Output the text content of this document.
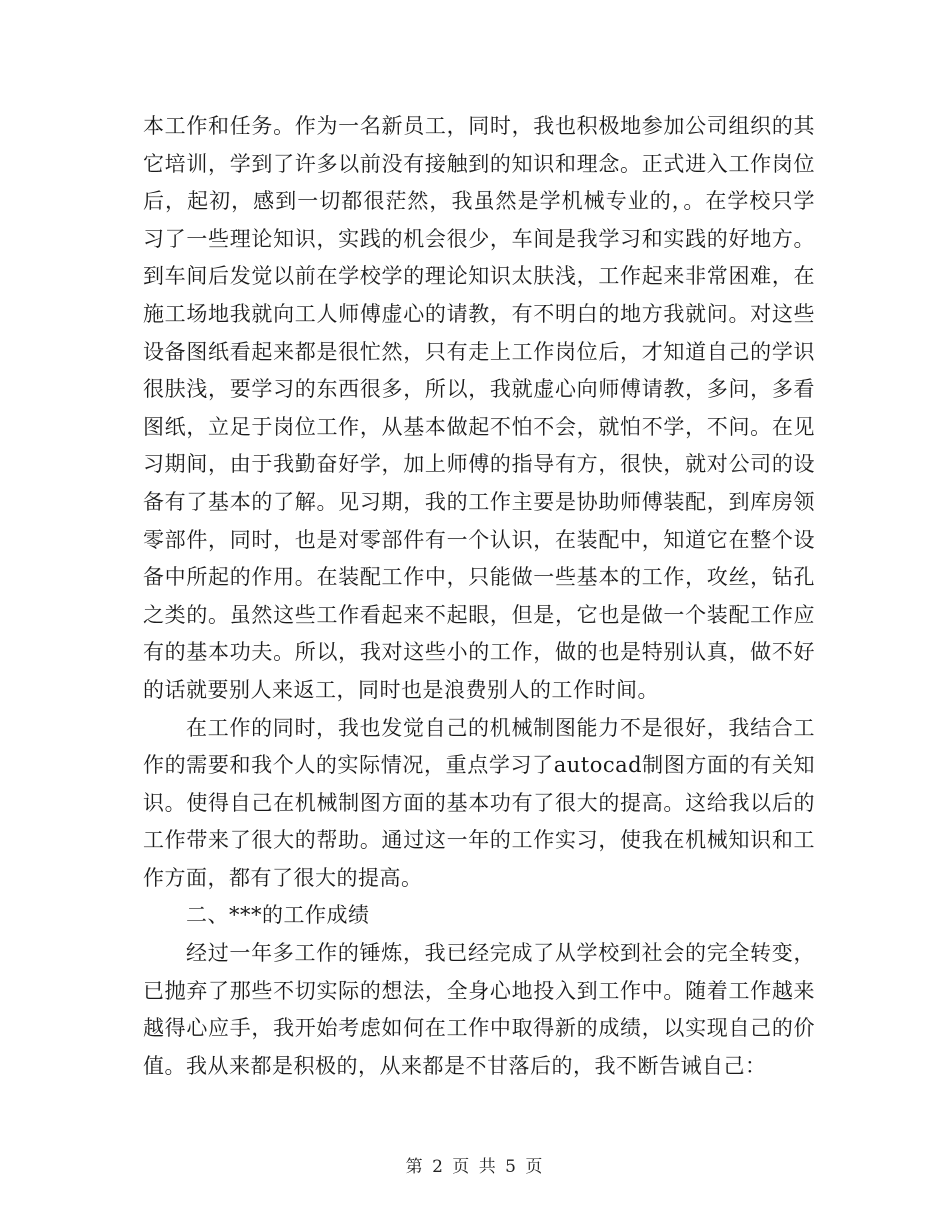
本工作和任务。作为一名新员工，同时，我也积极地参加公司组织的其它培训，学到了许多以前没有接触到的知识和理念。正式进入工作岗位后，起初，感到一切都很茫然，我虽然是学机械专业的，。在学校只学习了一些理论知识，实践的机会很少，车间是我学习和实践的好地方。到车间后发觉以前在学校学的理论知识太肤浅，工作起来非常困难，在施工场地我就向工人师傅虚心的请教，有不明白的地方我就问。对这些设备图纸看起来都是很忙然，只有走上工作岗位后，才知道自己的学识很肤浅，要学习的东西很多，所以，我就虚心向师傅请教，多问，多看图纸，立足于岗位工作，从基本做起不怕不会，就怕不学，不问。在见习期间，由于我勤奋好学，加上师傅的指导有方，很快，就对公司的设备有了基本的了解。见习期，我的工作主要是协助师傅装配，到库房领零部件，同时，也是对零部件有一个认识，在装配中，知道它在整个设备中所起的作用。在装配工作中，只能做一些基本的工作，攻丝，钻孔之类的。虽然这些工作看起来不起眼，但是，它也是做一个装配工作应有的基本功夫。所以，我对这些小的工作，做的也是特别认真，做不好的话就要别人来返工，同时也是浪费别人的工作时间。

在工作的同时，我也发觉自己的机械制图能力不是很好，我结合工作的需要和我个人的实际情况，重点学习了autocad制图方面的有关知识。使得自己在机械制图方面的基本功有了很大的提高。这给我以后的工作带来了很大的帮助。通过这一年的工作实习，使我在机械知识和工作方面，都有了很大的提高。

二、***的工作成绩

经过一年多工作的锤炼，我已经完成了从学校到社会的完全转变，已抛弃了那些不切实际的想法，全身心地投入到工作中。随着工作越来越得心应手，我开始考虑如何在工作中取得新的成绩，以实现自己的价值。我从来都是积极的，从来都是不甘落后的，我不断告诫自己：

第 2 页 共 5 页
